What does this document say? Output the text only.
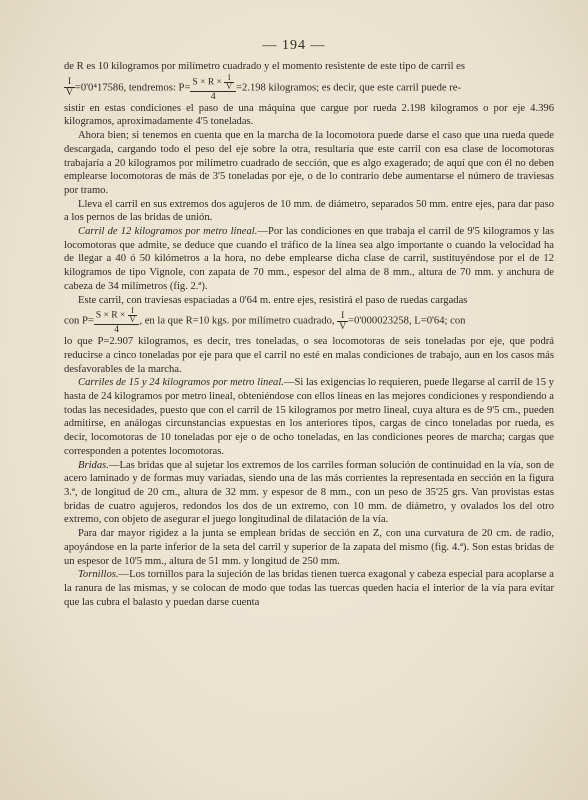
— 194 —

de R es 10 kilogramos por milímetro cuadrado y el momento resistente de este tipo de carril es

$\frac{I}{V} =0'0^417586$, tendremos: $P= \frac{S \times R \times \frac{I}{V}}{4} =2.198$ kilogramos; es decir, que este carril puede re-

sistir en estas condiciones el paso de una máquina que cargue por rueda 2.198 kilogramos o por eje 4.396 kilogramos, aproximadamente 4'5 toneladas.

Ahora bien; si tenemos en cuenta que en la marcha de la locomotora puede darse el caso que una rueda quede descargada, cargando todo el peso del eje sobre la otra, resultaría que este carril con esa clase de locomotoras trabajaría a 20 kilogramos por milímetro cuadrado de sección, que es algo exagerado; de aquí que con él no deben emplearse locomotoras de más de 3'5 toneladas por eje, o de lo contrario debe aumentarse el número de traviesas por tramo.

Lleva el carril en sus extremos dos agujeros de 10 mm. de diámetro, separados 50 mm. entre ejes, para dar paso a los pernos de las bridas de unión.

Carril de 12 kilogramos por metro lineal.—Por las condiciones en que trabaja el carril de 9'5 kilogramos y las locomotoras que admite, se deduce que cuando el tráfico de la línea sea algo importante o cuando la velocidad ha de llegar a 40 ó 50 kilómetros a la hora, no debe emplearse dicha clase de carril, sustituyéndose por el de 12 kilogramos de tipo Vignole, con zapata de 70 mm., espesor del alma de 8 mm., altura de 70 mm. y anchura de cabeza de 34 milímetros (fig. 2.ª).

Este carril, con traviesas espaciadas a 0'64 m. entre ejes, resistirá el paso de ruedas cargadas

con $P= \frac{S \times R \times \frac{I}{V}}{4}$ , en la que R=10 kgs. por milímetro cuadrado, $\frac{I}{V} =0'000023258$, L=0'64; con

lo que P=2.907 kilogramos, es decir, tres toneladas, o sea locomotoras de seis toneladas por eje, que podrá reducirse a cinco toneladas por eje para que el carril no esté en malas condiciones de trabajo, aun en los casos más desfavorables de la marcha.

Carriles de 15 y 24 kilogramos por metro lineal.—Si las exigencias lo requieren, puede llegarse al carril de 15 y hasta de 24 kilogramos por metro lineal, obteniéndose con ellos líneas en las mejores condiciones y respondiendo a todas las necesidades, puesto que con el carril de 15 kilogramos por metro lineal, cuya altura es de 9'5 cm., pueden admitirse, en análogas circunstancias expuestas en los anteriores tipos, cargas de cinco toneladas por rueda, es decir, locomotoras de 10 toneladas por eje o de ocho toneladas, en las condiciones peores de marcha; cargas que corresponden a potentes locomotoras.

Bridas.—Las bridas que al sujetar los extremos de los carriles forman solución de continuidad en la vía, son de acero laminado y de formas muy variadas, siendo una de las más corrientes la representada en sección en la figura 3.ª, de longitud de 20 cm., altura de 32 mm. y espesor de 8 mm., con un peso de 35'25 grs. Van provistas estas bridas de cuatro agujeros, redondos los dos de un extremo, con 10 mm. de diámetro, y ovalados los del otro extremo, con objeto de asegurar el juego longitudinal de dilatación de la vía.

Para dar mayor rigidez a la junta se emplean bridas de sección en Z, con una curvatura de 20 cm. de radio, apoyándose en la parte inferior de la seta del carril y superior de la zapata del mismo (fig. 4.ª). Son estas bridas de un espesor de 10'5 mm., altura de 51 mm. y longitud de 250 mm.

Tornillos.—Los tornillos para la sujeción de las bridas tienen tuerca exagonal y cabeza especial para acoplarse a la ranura de las mismas, y se colocan de modo que todas las tuercas queden hacia el interior de la vía para evitar que las cubra el balasto y puedan darse cuenta
